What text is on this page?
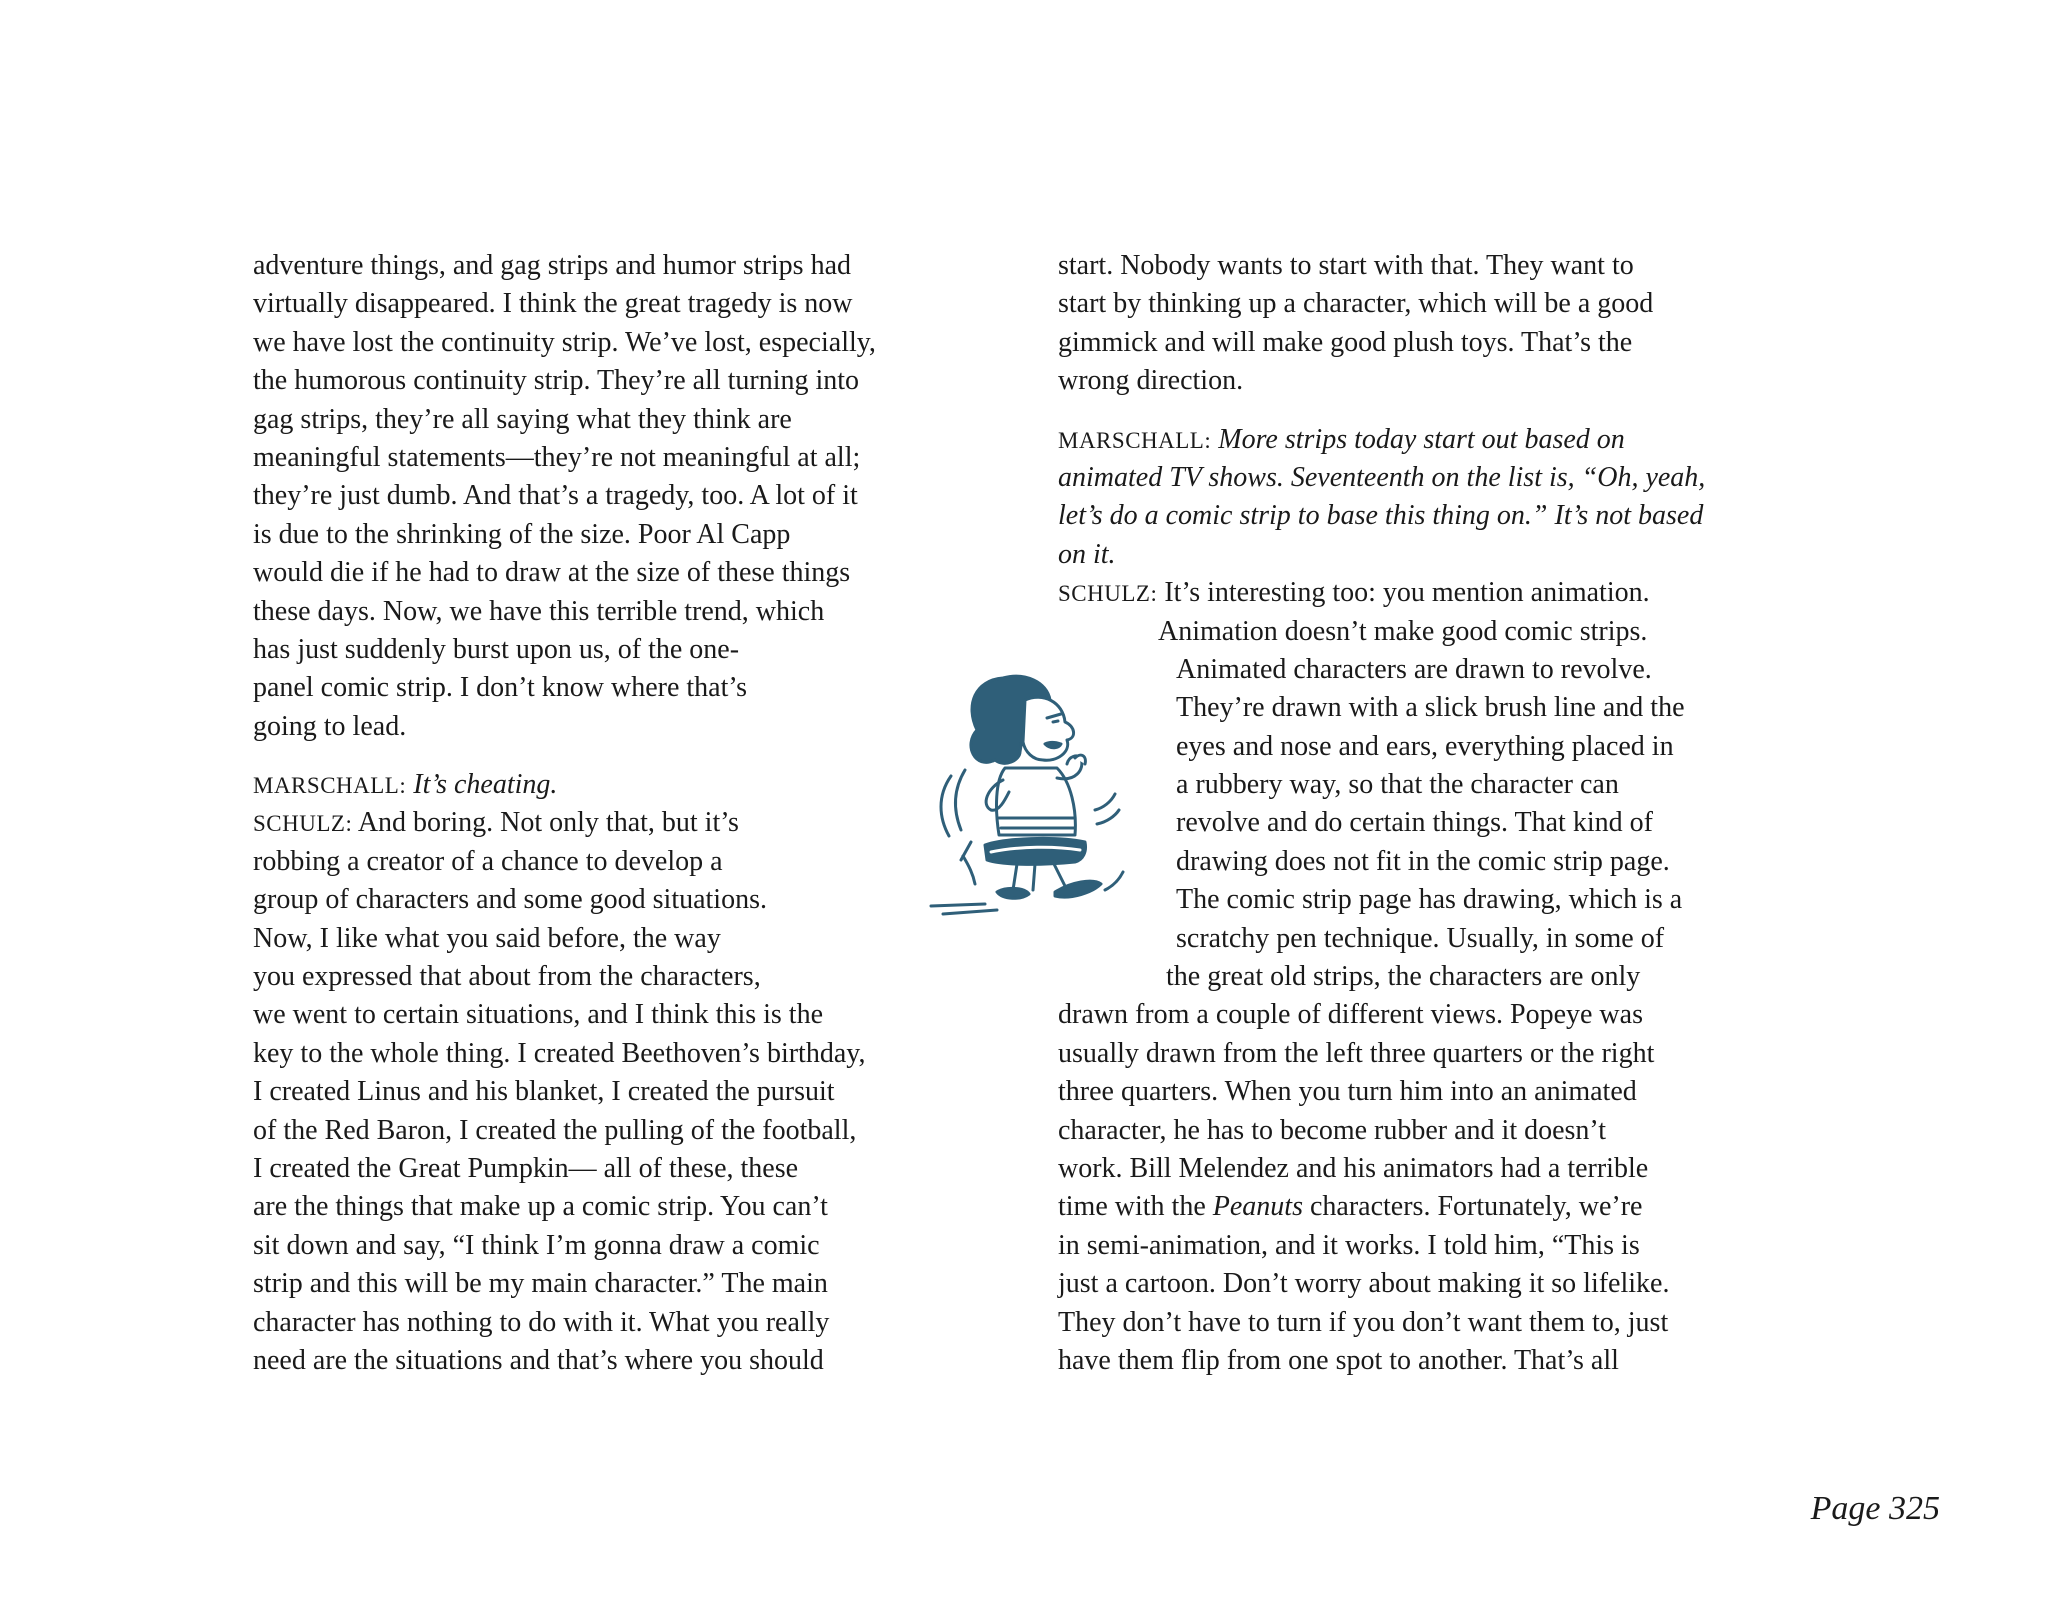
adventure things, and gag strips and humor strips had
virtually disappeared. I think the great tragedy is now
we have lost the continuity strip. We’ve lost, especially,
the humorous continuity strip. They’re all turning into
gag strips, they’re all saying what they think are
meaningful statements—they’re not meaningful at all;
they’re just dumb. And that’s a tragedy, too. A lot of it
is due to the shrinking of the size. Poor Al Capp
would die if he had to draw at the size of these things
these days. Now, we have this terrible trend, which
has just suddenly burst upon us, of the one-
panel comic strip. I don’t know where that’s
going to lead.
MARSCHALL: It’s cheating.
SCHULZ: And boring. Not only that, but it’s
robbing a creator of a chance to develop a
group of characters and some good situations.
Now, I like what you said before, the way
you expressed that about from the characters,
we went to certain situations, and I think this is the
key to the whole thing. I created Beethoven’s birthday,
I created Linus and his blanket, I created the pursuit
of the Red Baron, I created the pulling of the football,
I created the Great Pumpkin— all of these, these
are the things that make up a comic strip. You can’t
sit down and say, “I think I’m gonna draw a comic
strip and this will be my main character.” The main
character has nothing to do with it. What you really
need are the situations and that’s where you should
start. Nobody wants to start with that. They want to
start by thinking up a character, which will be a good
gimmick and will make good plush toys. That’s the
wrong direction.
MARSCHALL: More strips today start out based on
animated TV shows. Seventeenth on the list is, “Oh, yeah,
let’s do a comic strip to base this thing on.” It’s not based
on it.
SCHULZ: It’s interesting too: you mention animation.
Animation doesn’t make good comic strips.
Animated characters are drawn to revolve.
They’re drawn with a slick brush line and the
eyes and nose and ears, everything placed in
a rubbery way, so that the character can
revolve and do certain things. That kind of
drawing does not fit in the comic strip page.
The comic strip page has drawing, which is a
scratchy pen technique. Usually, in some of
the great old strips, the characters are only
drawn from a couple of different views. Popeye was
usually drawn from the left three quarters or the right
three quarters. When you turn him into an animated
character, he has to become rubber and it doesn’t
work. Bill Melendez and his animators had a terrible
time with the Peanuts characters. Fortunately, we’re
in semi-animation, and it works. I told him, “This is
just a cartoon. Don’t worry about making it so lifelike.
They don’t have to turn if you don’t want them to, just
have them flip from one spot to another. That’s all
Page 325
